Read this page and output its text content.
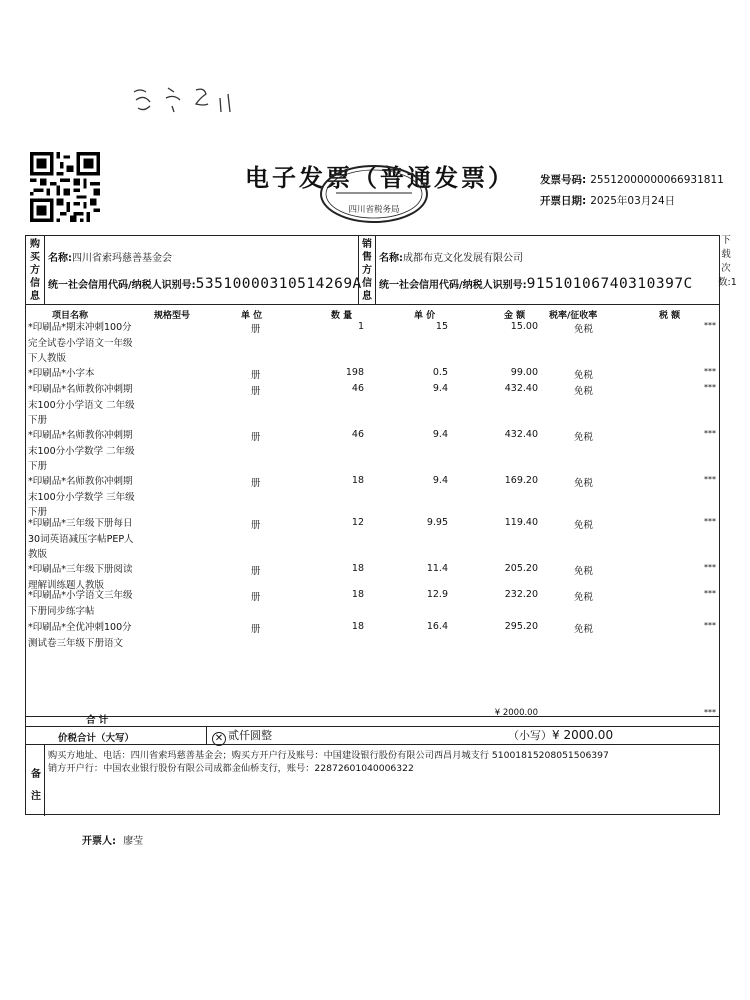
电子发票（普通发票）
四川省税务局
发票号码: 25512000000066931811
开票日期: 2025年03月24日
下载次数:1
购买方信息
名称:四川省索玛慈善基金会
统一社会信用代码/纳税人识别号:53510000310514269A
销售方信息
名称:成都布克文化发展有限公司
统一社会信用代码/纳税人识别号:91510106740310397C
项目名称	规格型号	单 位	数 量	单 价	金 额	税率/征收率	税 额
*印刷品*期末冲刺100分
完全试卷小学语文一年级
下人教版
册	1	15	15.00	免税	***
*印刷品*小字本	册	198	0.5	99.00	免税	***
*印刷品*名师教你冲刺期
末100分小学语文 二年级
下册
册	46	9.4	432.40	免税	***
*印刷品*名师教你冲刺期
末100分小学数学 二年级
下册
册	46	9.4	432.40	免税	***
*印刷品*名师教你冲刺期
末100分小学数学 三年级
下册
册	18	9.4	169.20	免税	***
*印刷品*三年级下册每日
30词英语减压字帖PEP人
教版
册	12	9.95	119.40	免税	***
*印刷品*三年级下册阅读
理解训练题人教版
册	18	11.4	205.20	免税	***
*印刷品*小学语文三年级
下册同步练字帖
册	18	12.9	232.20	免税	***
*印刷品*全优冲刺100分
测试卷三年级下册语文
册	18	16.4	295.20	免税	***
合 计
¥ 2000.00	***
价税合计（大写）	✕ 贰仟圆整	（小写）¥ 2000.00
备注
购买方地址、电话：四川省索玛慈善基金会；购买方开户行及账号：中国建设银行股份有限公司西昌月城支行 51001815208051506397
销方开户行：中国农业银行股份有限公司成都金仙桥支行，账号：22872601040006322
开票人: 廖莹
